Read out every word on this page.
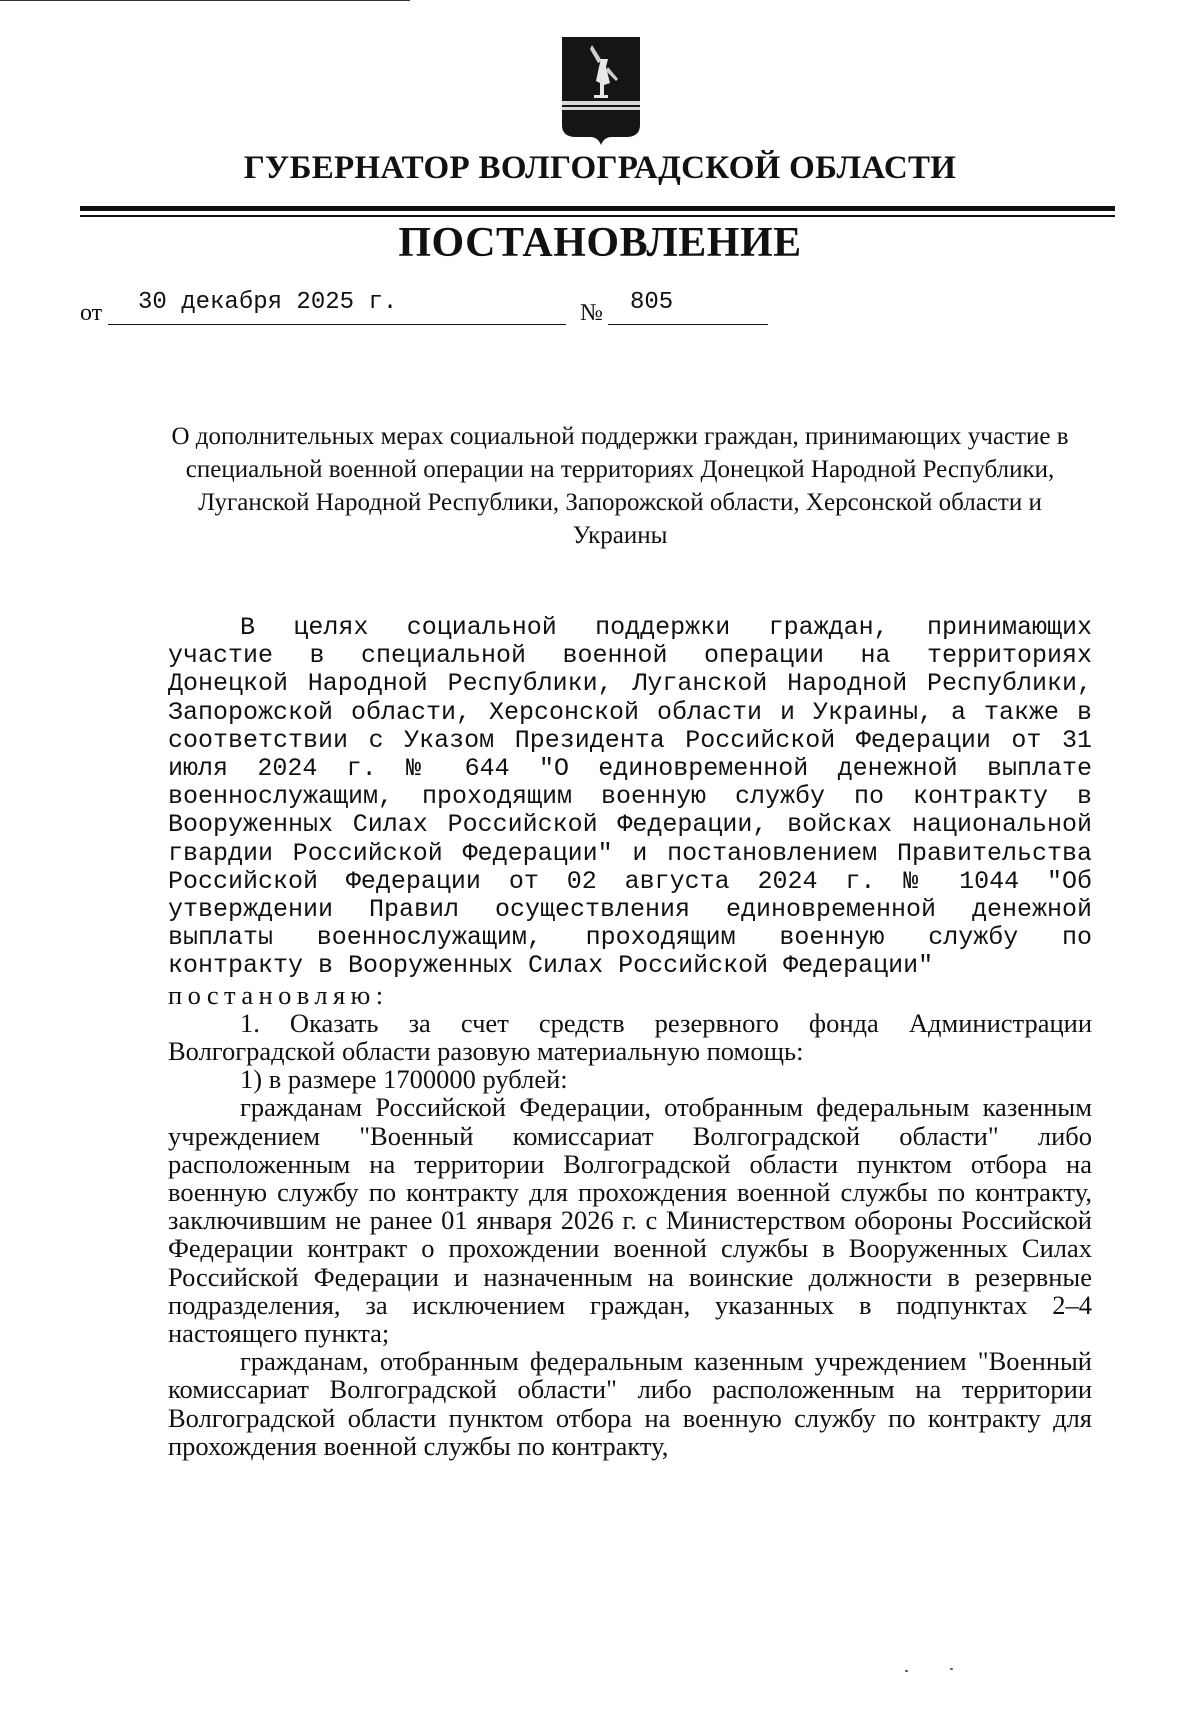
ГУБЕРНАТОР ВОЛГОГРАДСКОЙ ОБЛАСТИ
ПОСТАНОВЛЕНИЕ
от 30 декабря 2025 г.	№ 805
О дополнительных мерах социальной поддержки граждан, принимающих участие в специальной военной операции на территориях Донецкой Народной Республики, Луганской Народной Республики, Запорожской области, Херсонской области и Украины

В целях социальной поддержки граждан, принимающих участие в специальной военной операции на территориях Донецкой Народной Республики, Луганской Народной Республики, Запорожской области, Херсонской области и Украины, а также в соответствии с Указом Президента Российской Федерации от 31 июля 2024 г. № 644 "О единовременной денежной выплате военнослужащим, проходящим военную службу по контракту в Вооруженных Силах Российской Федерации, войсках национальной гвардии Российской Федерации" и постановлением Правительства Российской Федерации от 02 августа 2024 г. № 1044 "Об утверждении Правил осуществления единовременной денежной выплаты военнослужащим, проходящим военную службу по контракту в Вооруженных Силах Российской Федерации"

постановляю:

1. Оказать за счет средств резервного фонда Администрации Волгоградской области разовую материальную помощь:

1) в размере 1700000 рублей:

гражданам Российской Федерации, отобранным федеральным казенным учреждением "Военный комиссариат Волгоградской области" либо расположенным на территории Волгоградской области пунктом отбора на военную службу по контракту для прохождения военной службы по контракту, заключившим не ранее 01 января 2026 г. с Министерством обороны Российской Федерации контракт о прохождении военной службы в Вооруженных Силах Российской Федерации и назначенным на воинские должности в резервные подразделения, за исключением граждан, указанных в подпунктах 2–4 настоящего пункта;

гражданам, отобранным федеральным казенным учреждением "Военный комиссариат Волгоградской области" либо расположенным на территории Волгоградской области пунктом отбора на военную службу по контракту для прохождения военной службы по контракту,
